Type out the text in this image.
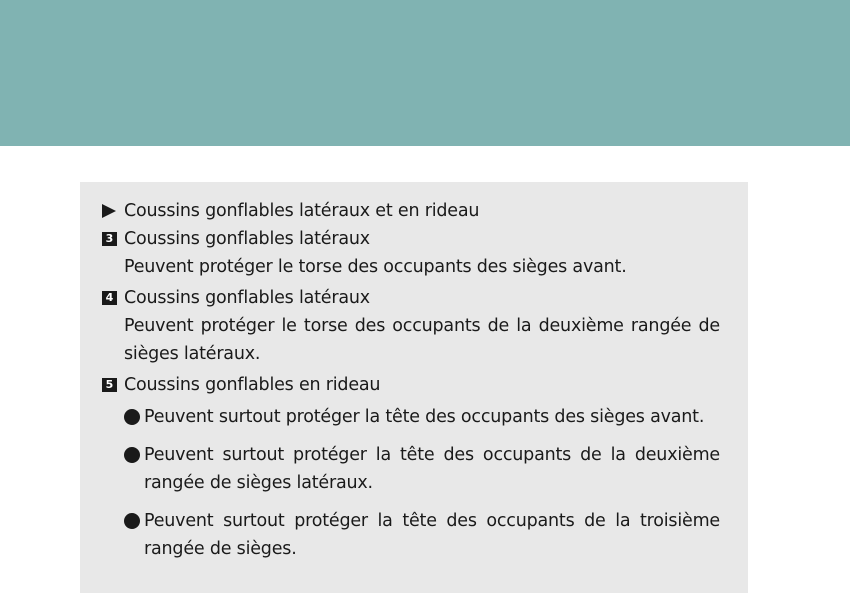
Coussins gonflables latéraux et en rideau
3 Coussins gonflables latéraux
Peuvent protéger le torse des occupants des sièges avant.
4 Coussins gonflables latéraux
Peuvent protéger le torse des occupants de la deuxième rangée de sièges latéraux.
5 Coussins gonflables en rideau
Peuvent surtout protéger la tête des occupants des sièges avant.
Peuvent surtout protéger la tête des occupants de la deuxième rangée de sièges latéraux.
Peuvent surtout protéger la tête des occupants de la troisième rangée de sièges.
